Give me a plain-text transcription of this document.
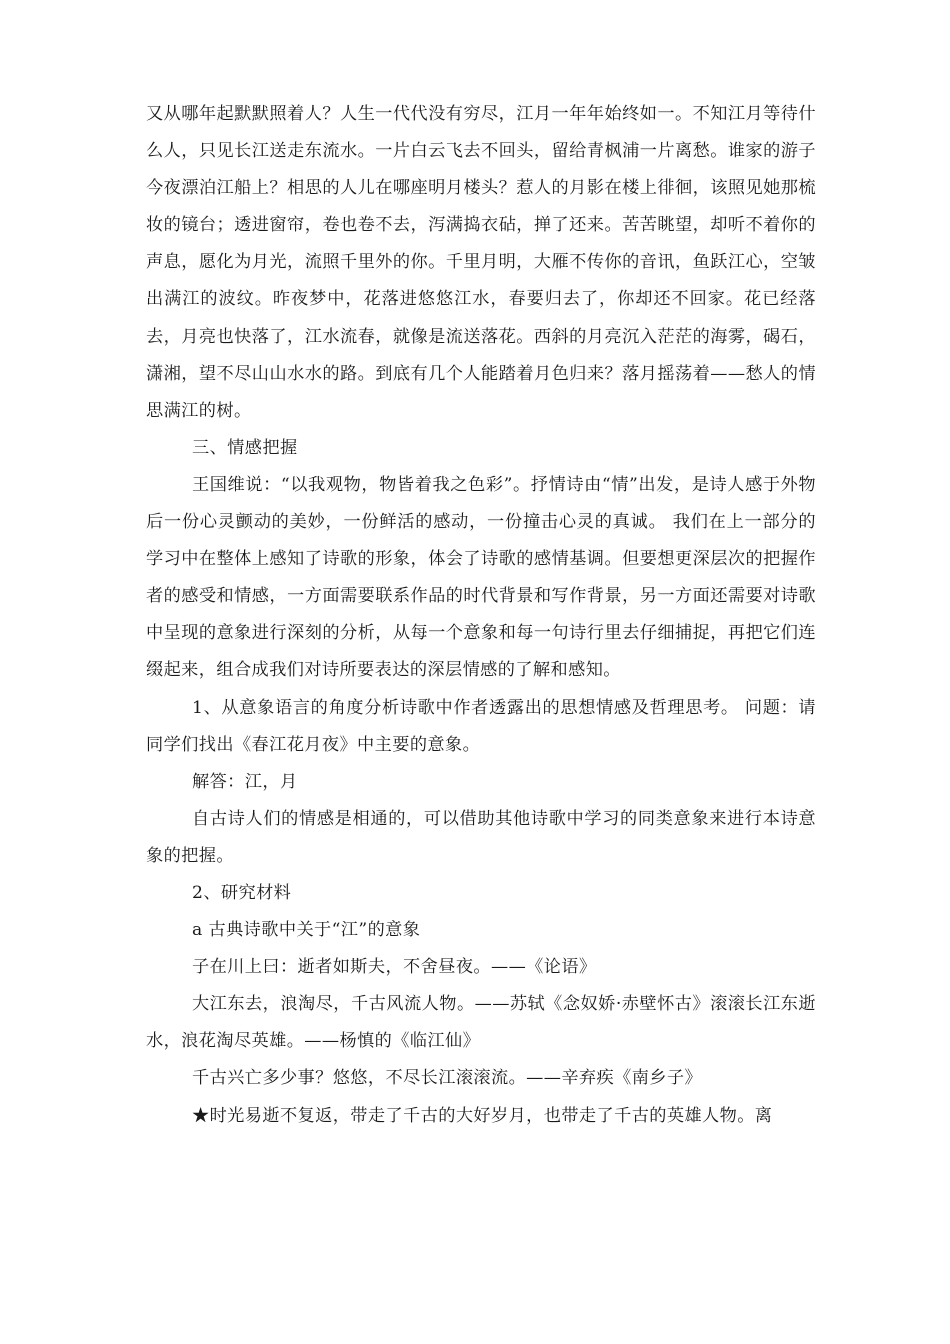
又从哪年起默默照着人？人生一代代没有穷尽，江月一年年始终如一。不知江月等待什么人，只见长江送走东流水。一片白云飞去不回头，留给青枫浦一片离愁。谁家的游子今夜漂泊江船上？相思的人儿在哪座明月楼头？惹人的月影在楼上徘徊，该照见她那梳妆的镜台；透进窗帘，卷也卷不去，泻满捣衣砧，掸了还来。苦苦眺望，却听不着你的声息，愿化为月光，流照千里外的你。千里月明，大雁不传你的音讯，鱼跃江心，空皱出满江的波纹。昨夜梦中，花落进悠悠江水，春要归去了，你却还不回家。花已经落去，月亮也快落了，江水流春，就像是流送落花。西斜的月亮沉入茫茫的海雾，碣石，潇湘，望不尽山山水水的路。到底有几个人能踏着月色归来？落月摇荡着——愁人的情思满江的树。

三、情感把握

王国维说：“以我观物，物皆着我之色彩”。抒情诗由“情”出发，是诗人感于外物后一份心灵颤动的美妙，一份鲜活的感动，一份撞击心灵的真诚。 我们在上一部分的学习中在整体上感知了诗歌的形象，体会了诗歌的感情基调。但要想更深层次的把握作者的感受和情感，一方面需要联系作品的时代背景和写作背景，另一方面还需要对诗歌中呈现的意象进行深刻的分析，从每一个意象和每一句诗行里去仔细捕捉，再把它们连缀起来，组合成我们对诗所要表达的深层情感的了解和感知。

1、从意象语言的角度分析诗歌中作者透露出的思想情感及哲理思考。 问题：请同学们找出《春江花月夜》中主要的意象。

解答：江，月

自古诗人们的情感是相通的，可以借助其他诗歌中学习的同类意象来进行本诗意象的把握。

2、研究材料

a 古典诗歌中关于“江”的意象

子在川上曰：逝者如斯夫，不舍昼夜。——《论语》

大江东去，浪淘尽，千古风流人物。——苏轼《念奴娇·赤壁怀古》滚滚长江东逝水，浪花淘尽英雄。——杨慎的《临江仙》

千古兴亡多少事？悠悠，不尽长江滚滚流。——辛弃疾《南乡子》

★时光易逝不复返，带走了千古的大好岁月，也带走了千古的英雄人物。离
